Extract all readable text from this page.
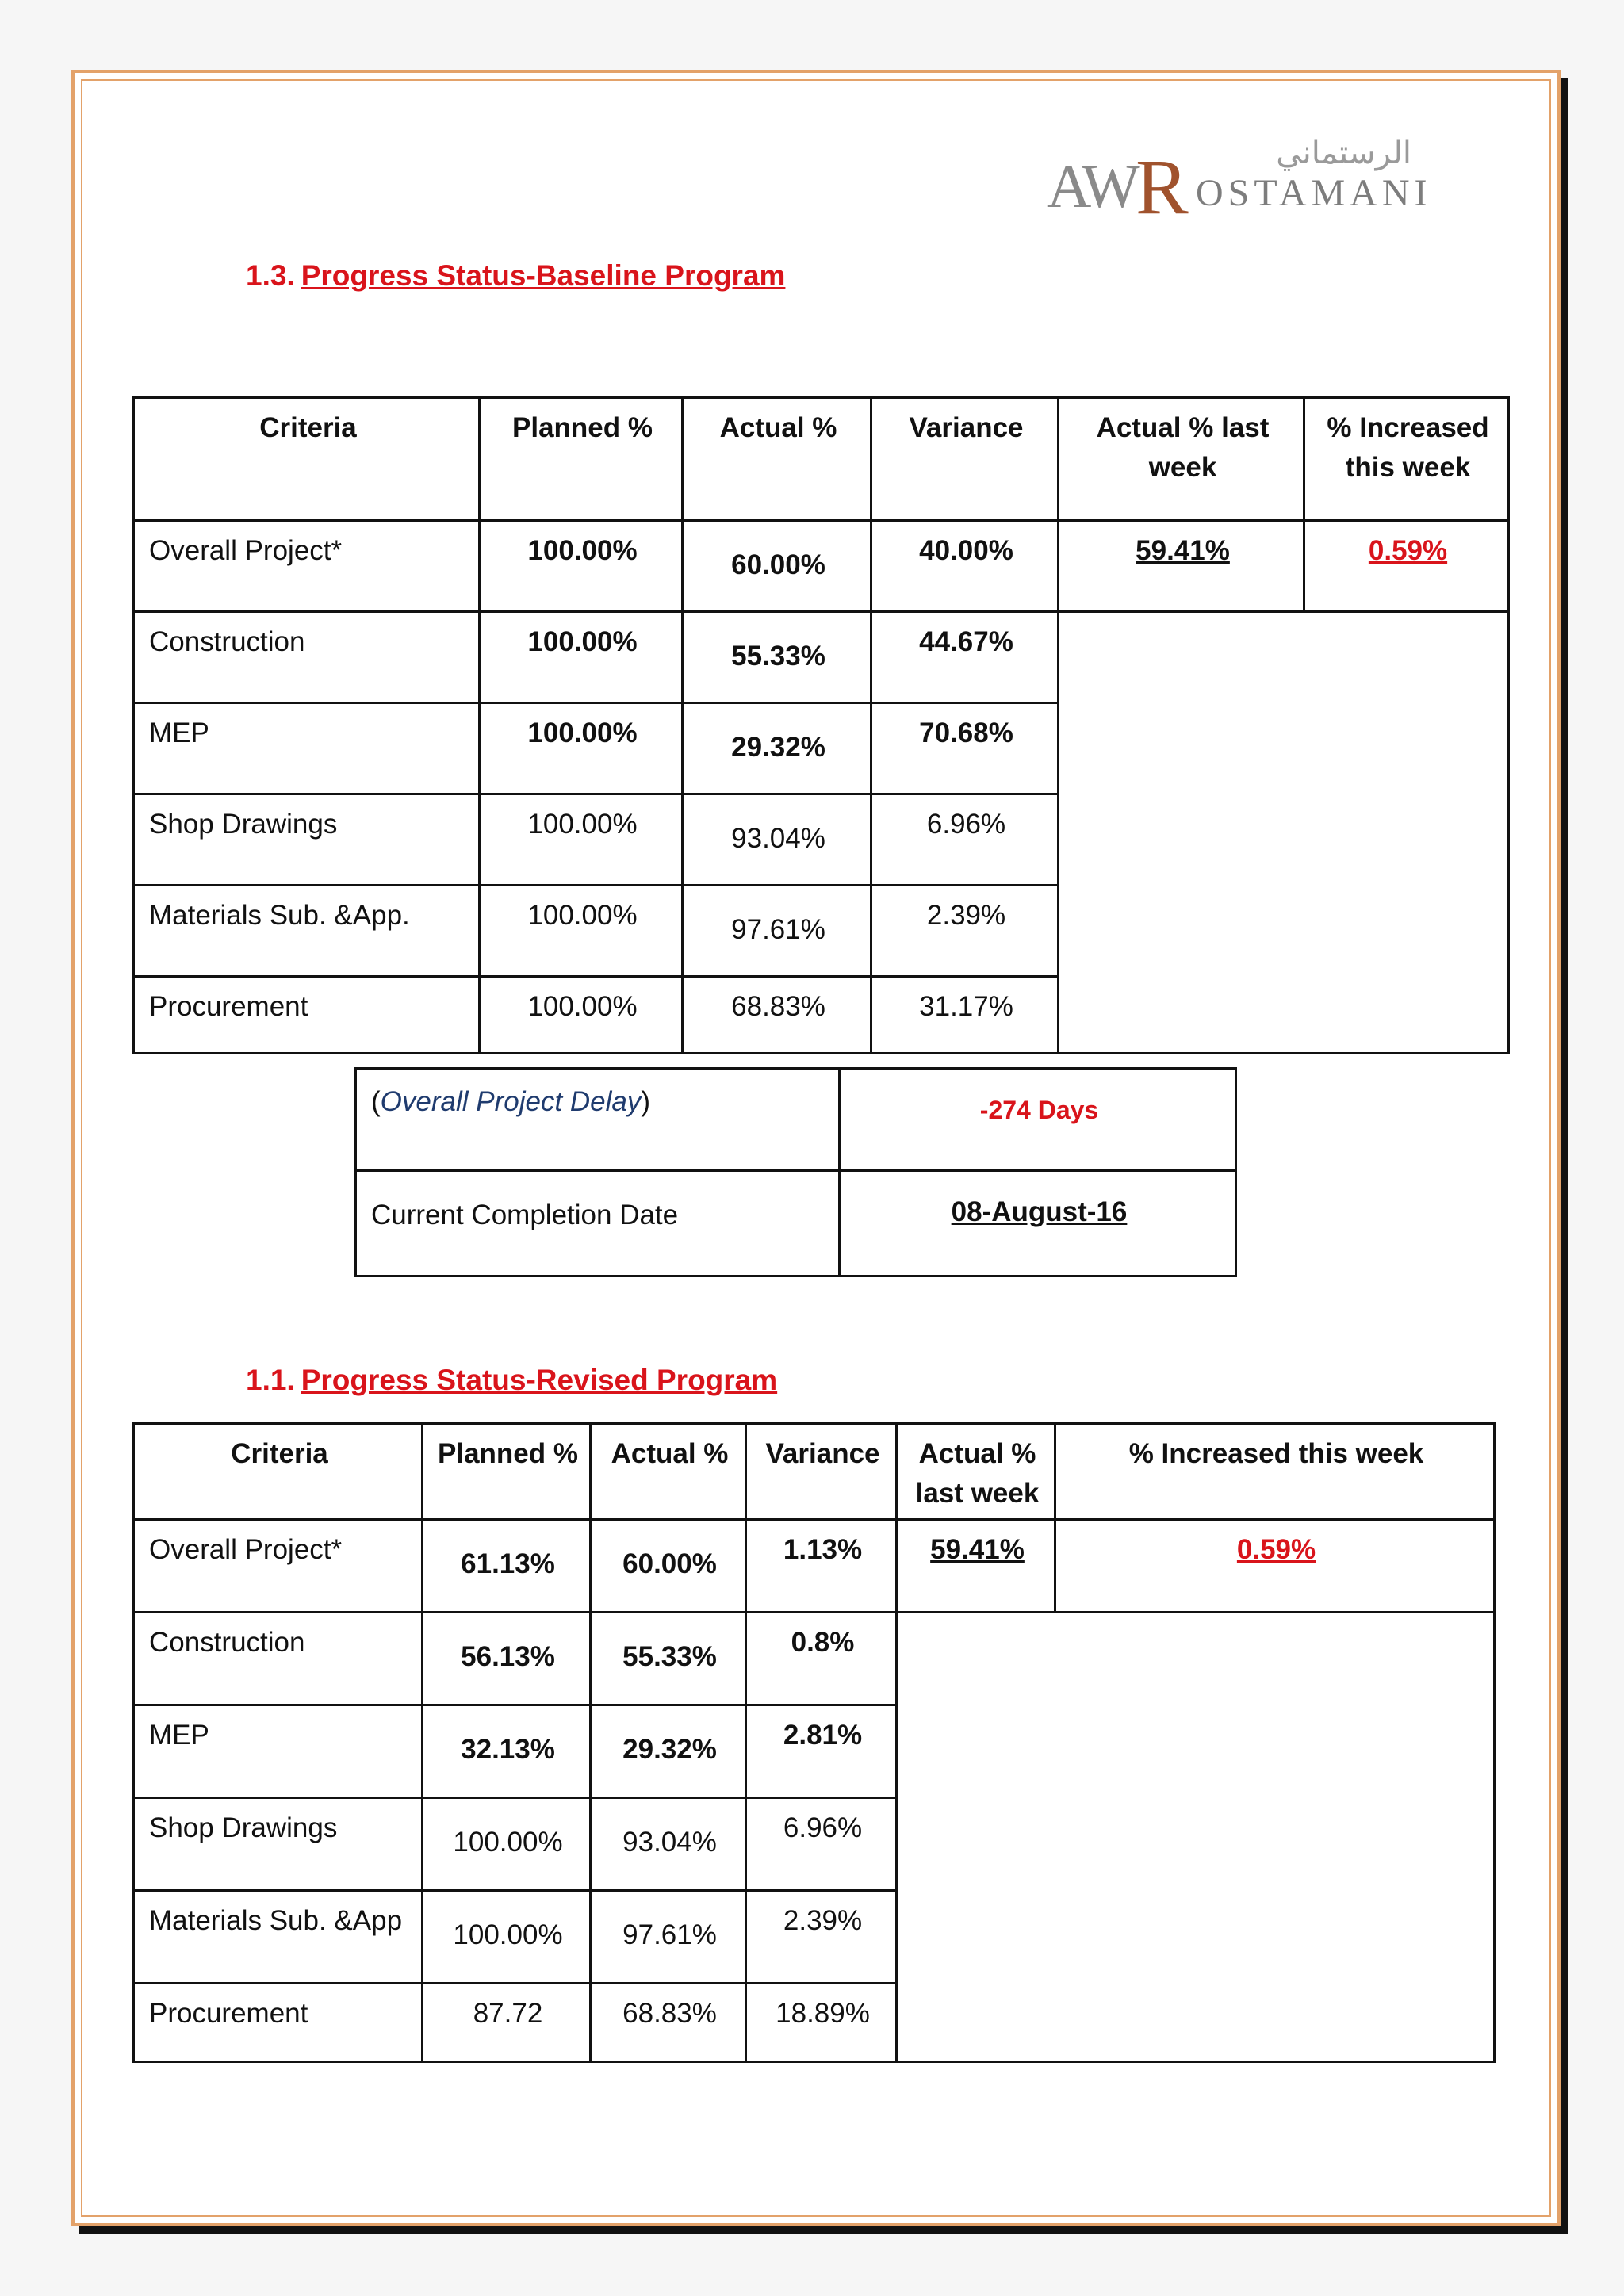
الرستماني
AW R OSTAMANI
1.3. Progress Status-Baseline Program
Criteria	Planned %	Actual %	Variance	Actual % last week	% Increased this week
Overall Project*	100.00%	60.00%	40.00%	59.41%	0.59%
Construction	100.00%	55.33%	44.67%		
MEP	100.00%	29.32%	70.68%		
Shop Drawings	100.00%	93.04%	6.96%		
Materials Sub. &App.	100.00%	97.61%	2.39%		
Procurement	100.00%	68.83%	31.17%		
(Overall Project Delay)	-274 Days
Current Completion Date	08-August-16
1.1. Progress Status-Revised Program
Criteria	Planned %	Actual %	Variance	Actual % last week	% Increased this week
Overall Project*	61.13%	60.00%	1.13%	59.41%	0.59%
Construction	56.13%	55.33%	0.8%		
MEP	32.13%	29.32%	2.81%		
Shop Drawings	100.00%	93.04%	6.96%		
Materials Sub. &App	100.00%	97.61%	2.39%		
Procurement	87.72	68.83%	18.89%		
